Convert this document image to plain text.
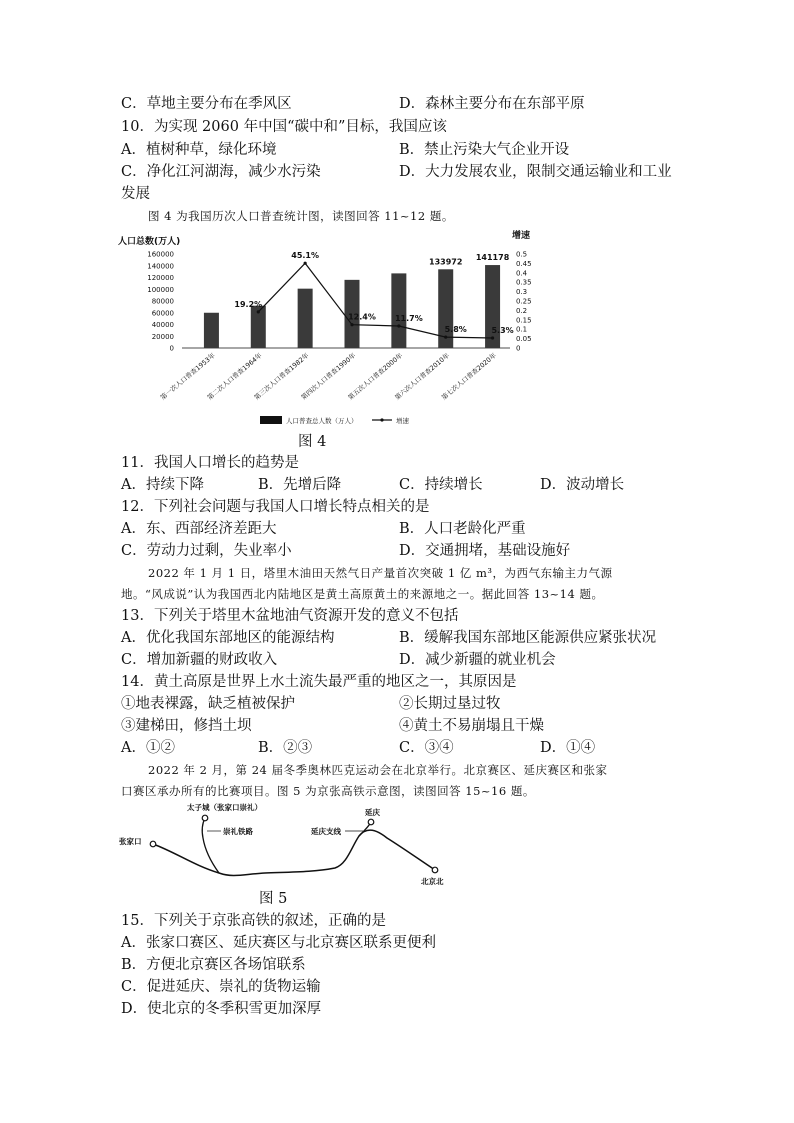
C．草地主要分布在季风区	D．森林主要分布在东部平原
10．为实现 2060 年中国“碳中和”目标，我国应该
A．植树种草，绿化环境	B．禁止污染大气企业开设
C．净化江河湖海，减少水污染	D．大力发展农业，限制交通运输业和工业
发展
图 4 为我国历次人口普查统计图，读图回答 11~12 题。
人口总数(万人)
增速
160000
140000
120000
100000
80000
60000
40000
20000
0
0.5
0.45
0.4
0.35
0.3
0.25
0.2
0.15
0.1
0.05
0
133972 141178
第一次人口普查1953年
第二次人口普查1964年
第三次人口普查1982年
第四次人口普查1990年
第五次人口普查2000年
第六次人口普查2010年
第七次人口普查2020年
19.2%
45.1%
12.4% 11.7%
5.8%	5.3%
人口普查总人数（万人）	增速
图 4
11．我国人口增长的趋势是
A．持续下降	B．先增后降	C．持续增长	D．波动增长
12．下列社会问题与我国人口增长特点相关的是
A．东、西部经济差距大	B．人口老龄化严重
C．劳动力过剩，失业率小	D．交通拥堵，基础设施好
2022 年 1 月 1 日，塔里木油田天然气日产量首次突破 1 亿 m³，为西气东输主力气源
地。“风成说”认为我国西北内陆地区是黄土高原黄土的来源地之一。据此回答 13~14 题。
13．下列关于塔里木盆地油气资源开发的意义不包括
A．优化我国东部地区的能源结构	B．缓解我国东部地区能源供应紧张状况
C．增加新疆的财政收入	D．减少新疆的就业机会
14．黄土高原是世界上水土流失最严重的地区之一，其原因是
①地表裸露，缺乏植被保护	②长期过垦过牧
③建梯田，修挡土坝	④黄土不易崩塌且干燥
A．①②	B．②③	C．③④	D．①④
2022 年 2 月，第 24 届冬季奥林匹克运动会在北京举行。北京赛区、延庆赛区和张家
口赛区承办所有的比赛项目。图 5 为京张高铁示意图，读图回答 15~16 题。
张家口
太子城（张家口崇礼）
崇礼铁路
延庆
延庆支线
北京北
图 5
15．下列关于京张高铁的叙述，正确的是
A．张家口赛区、延庆赛区与北京赛区联系更便利
B．方便北京赛区各场馆联系
C．促进延庆、崇礼的货物运输
D．使北京的冬季积雪更加深厚
